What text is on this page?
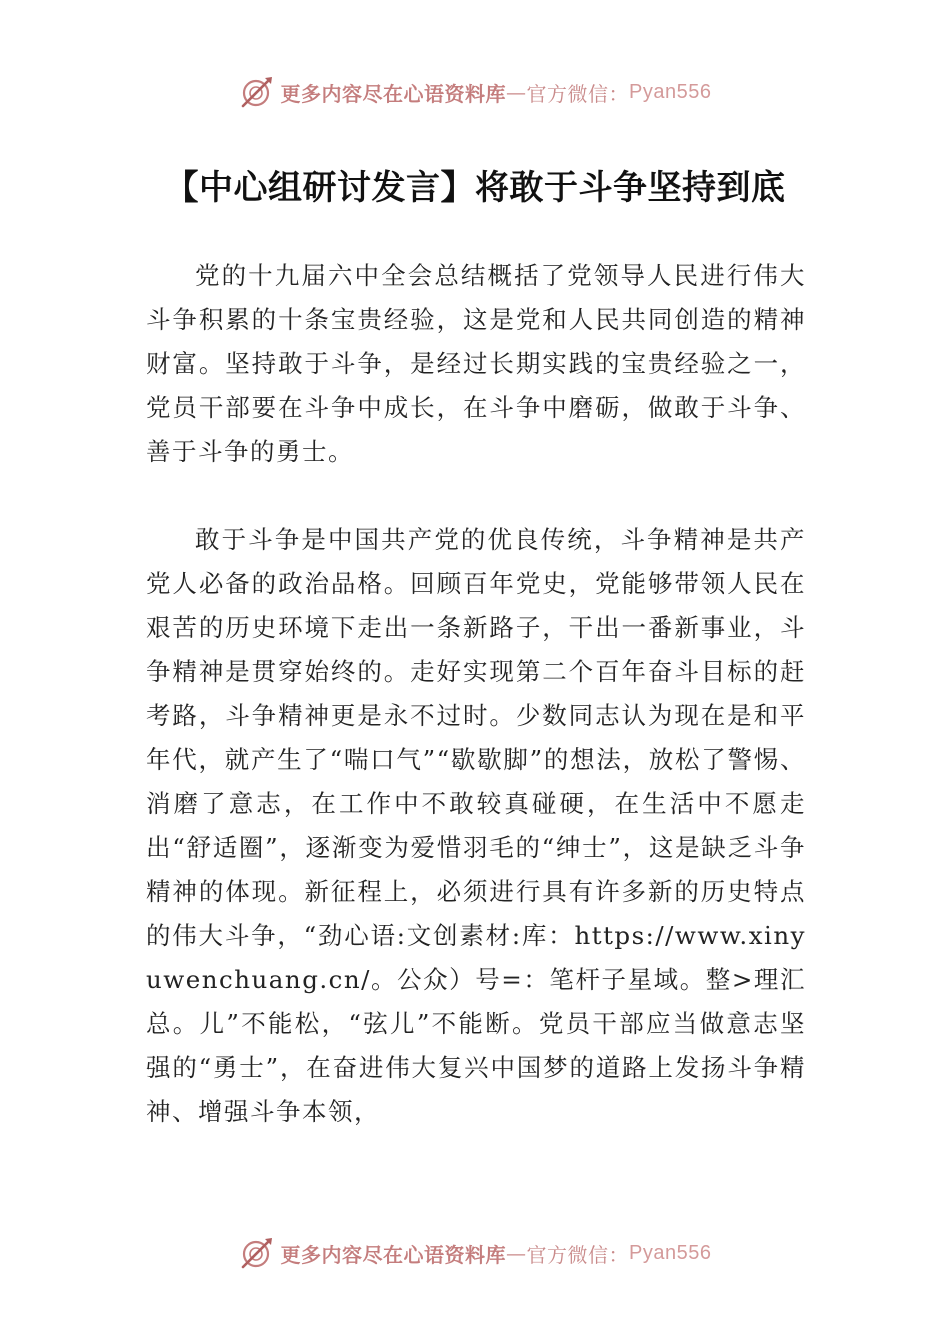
更多内容尽在心语资料库 — 官方微信： Pyan556
【中心组研讨发言】将敢于斗争坚持到底

党的十九届六中全会总结概括了党领导人民进行伟大斗争积累的十条宝贵经验，这是党和人民共同创造的精神财富。坚持敢于斗争，是经过长期实践的宝贵经验之一，党员干部要在斗争中成长，在斗争中磨砺，做敢于斗争、善于斗争的勇士。

敢于斗争是中国共产党的优良传统，斗争精神是共产党人必备的政治品格。回顾百年党史，党能够带领人民在艰苦的历史环境下走出一条新路子，干出一番新事业，斗争精神是贯穿始终的。走好实现第二个百年奋斗目标的赶考路，斗争精神更是永不过时。少数同志认为现在是和平年代，就产生了“喘口气”“歇歇脚”的想法，放松了警惕、消磨了意志，在工作中不敢较真碰硬，在生活中不愿走出“舒适圈”，逐渐变为爱惜羽毛的“绅士”，这是缺乏斗争精神的体现。新征程上，必须进行具有许多新的历史特点的伟大斗争，“劲心语:文创素材:库：https://www.xinyuwenchuang.cn/。公众）号=：笔杆子星域。整>理汇总。儿”不能松，“弦儿”不能断。党员干部应当做意志坚强的“勇士”，在奋进伟大复兴中国梦的道路上发扬斗争精神、增强斗争本领，

更多内容尽在心语资料库 — 官方微信： Pyan556
